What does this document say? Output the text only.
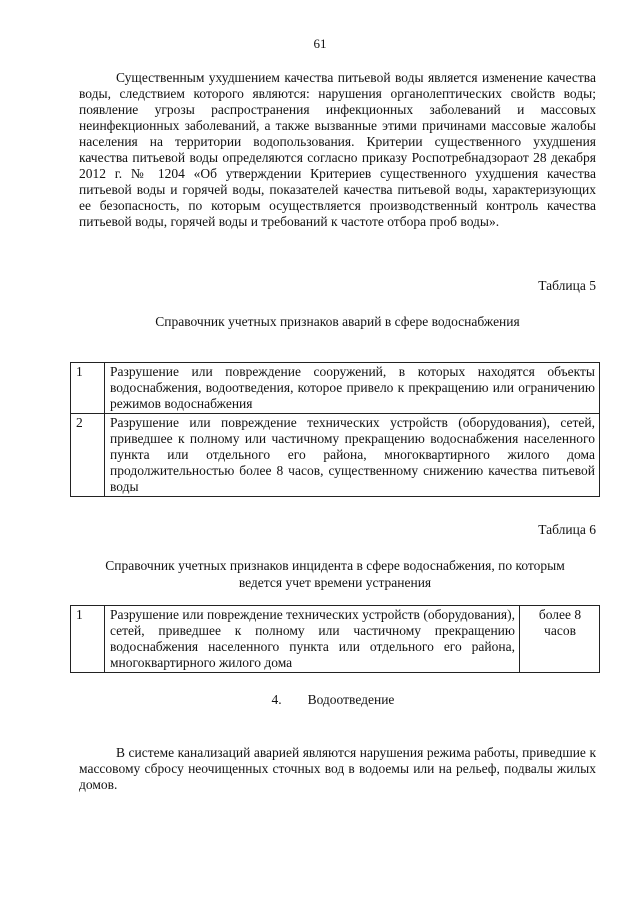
61

Существенным ухудшением качества питьевой воды является изменение качества воды, следствием которого являются: нарушения органолептических свойств воды; появление угрозы распространения инфекционных заболеваний и массовых неинфекционных заболеваний, а также вызванные этими причинами массовые жалобы населения на территории водопользования. Критерии существенного ухудшения качества питьевой воды определяются согласно приказу Роспотребнадзораот 28 декабря 2012 г. № 1204 «Об утверждении Критериев существенного ухудшения качества питьевой воды и горячей воды, показателей качества питьевой воды, характеризующих ее безопасность, по которым осуществляется производственный контроль качества питьевой воды, горячей воды и требований к частоте отбора проб воды».

Таблица 5
Справочник учетных признаков аварий в сфере водоснабжения
1	Разрушение или повреждение сооружений, в которых находятся объекты водоснабжения, водоотведения, которое привело к прекращению или ограничению режимов водоснабжения
2	Разрушение или повреждение технических устройств (оборудования), сетей, приведшее к полному или частичному прекращению водоснабжения населенного пункта или отдельного его района, многоквартирного жилого дома продолжительностью более 8 часов, существенному снижению качества питьевой воды
Таблица 6
Справочник учетных признаков инцидента в сфере водоснабжения, по которым
ведется учет времени устранения
1	Разрушение или повреждение технических устройств (оборудования), сетей, приведшее к полному или частичному прекращению водоснабжения населенного пункта или отдельного его района, многоквартирного жилого дома	более 8 часов
4. Водоотведение

В системе канализаций аварией являются нарушения режима работы, приведшие к массовому сбросу неочищенных сточных вод в водоемы или на рельеф, подвалы жилых домов.
